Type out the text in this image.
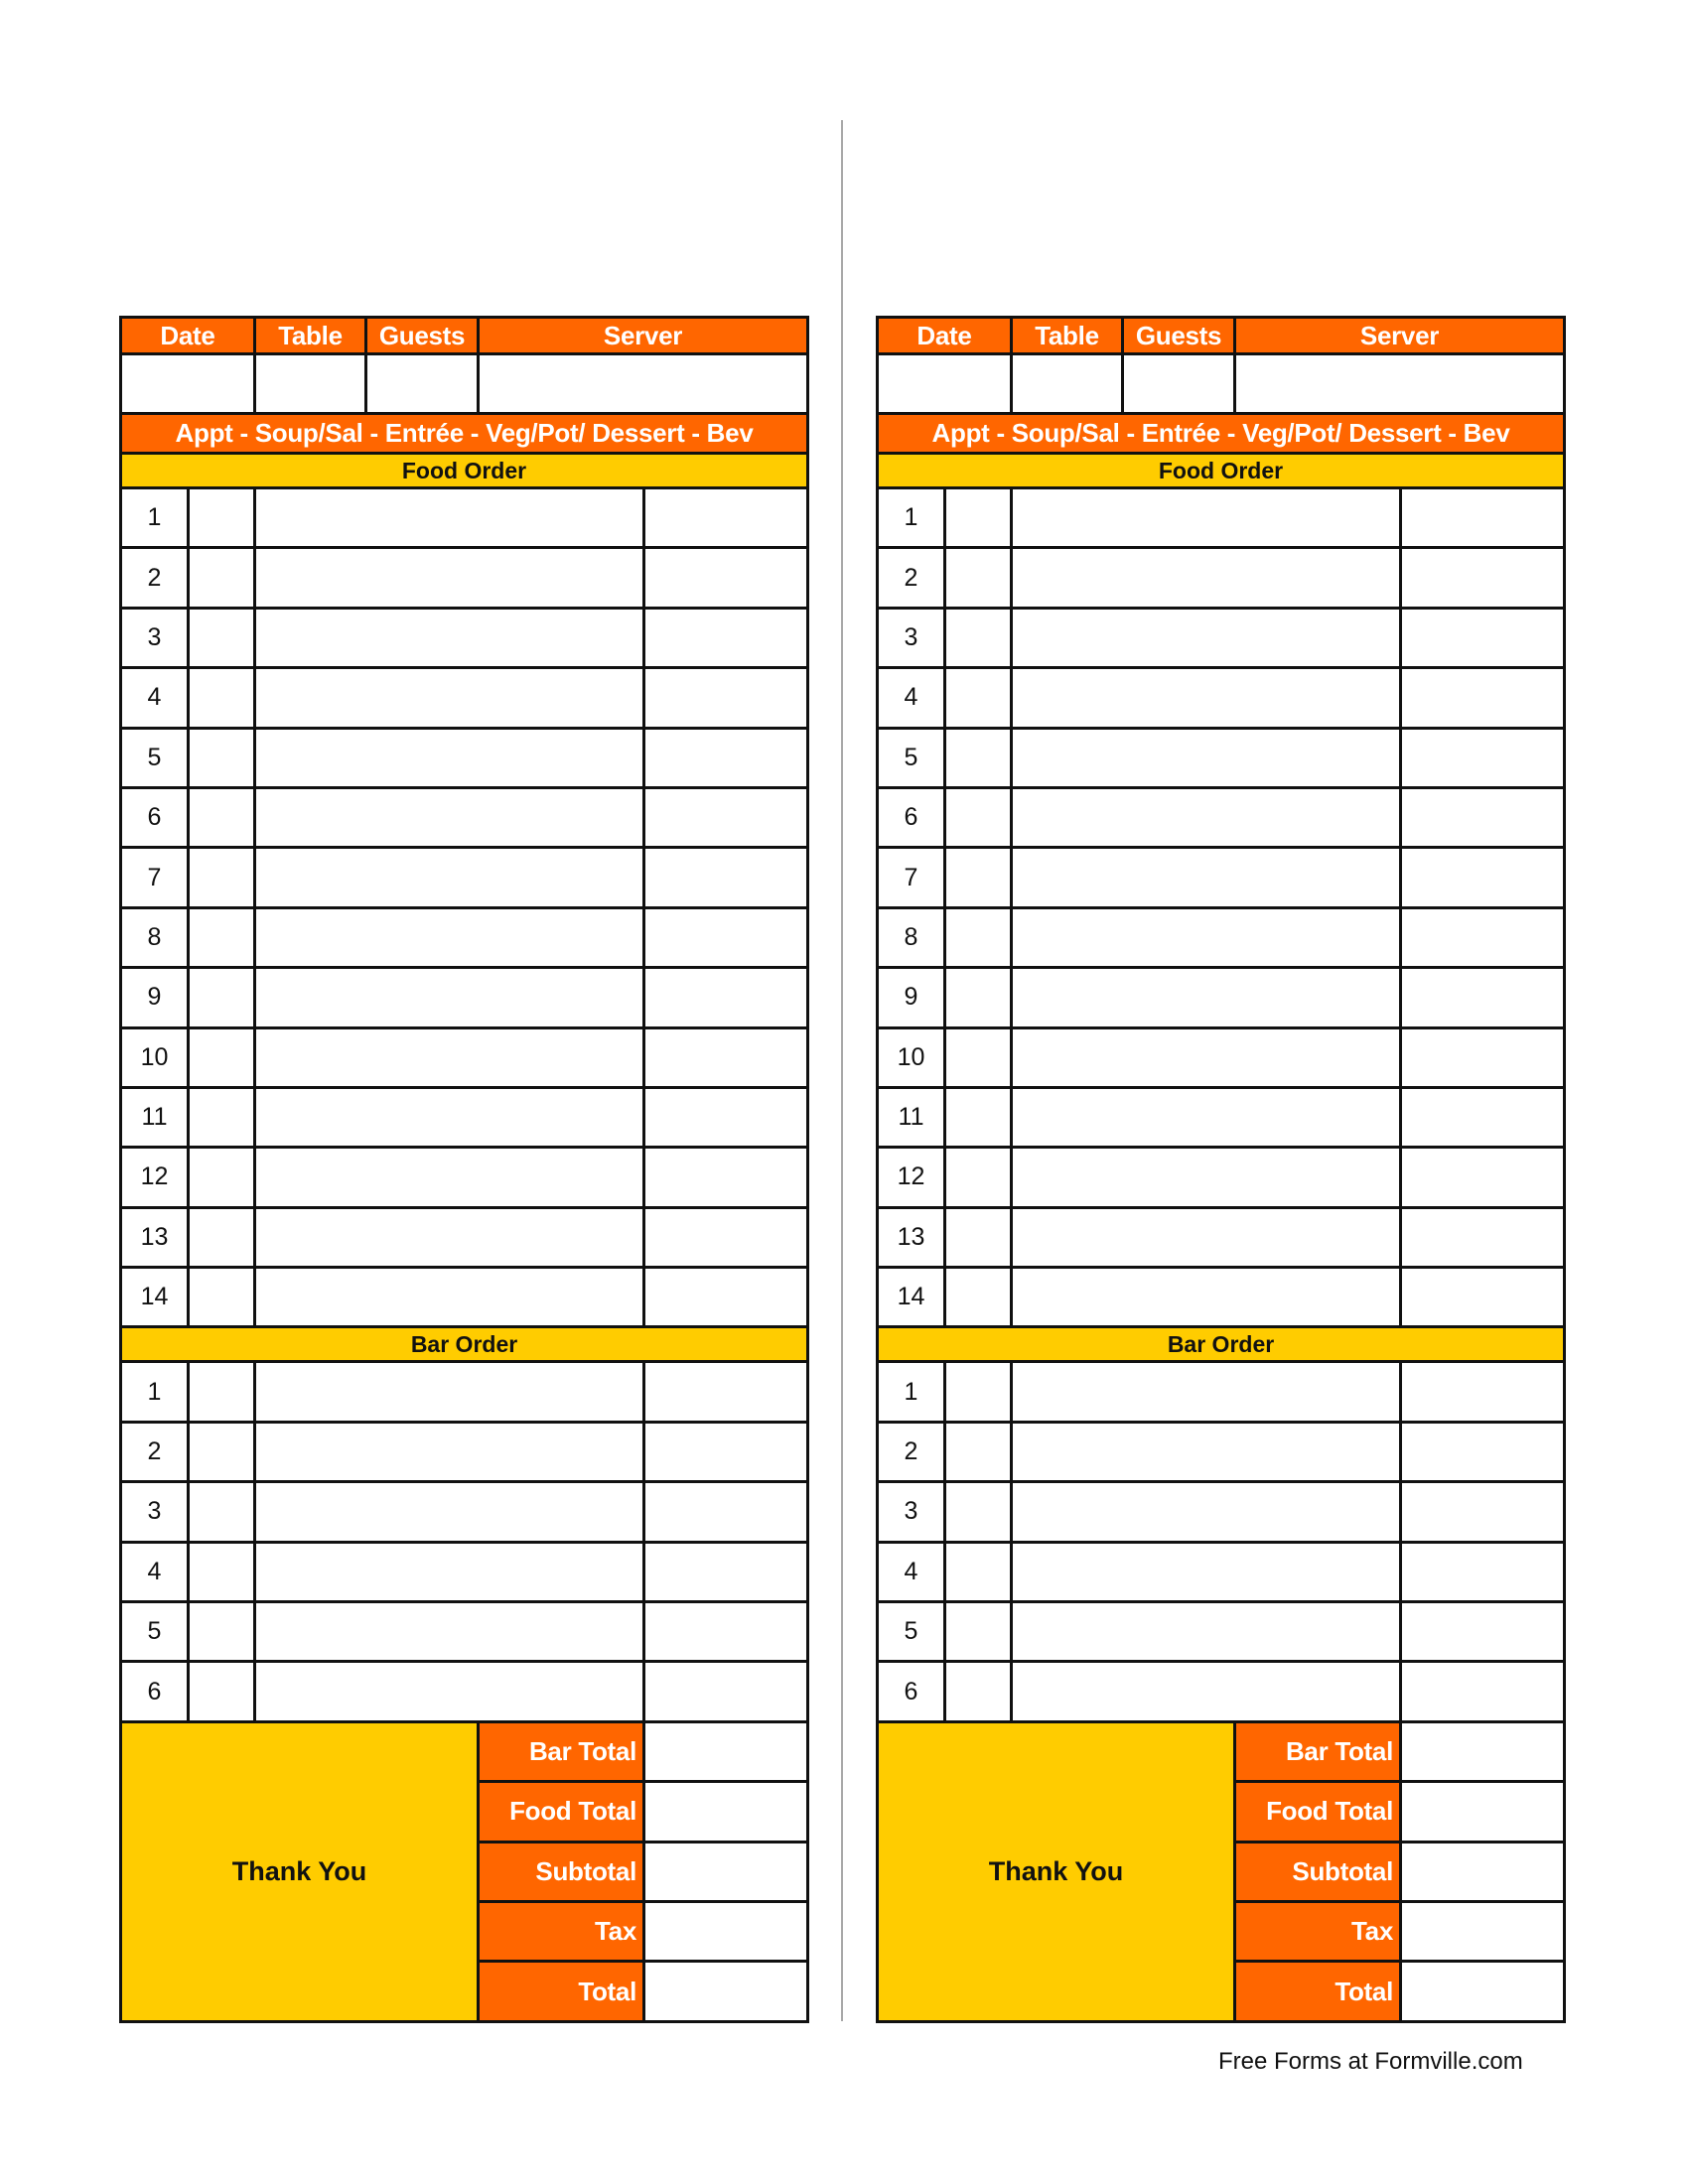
Date	Table	Guests	Server
Appt - Soup/Sal - Entrée - Veg/Pot/ Dessert - Bev
Food Order
1
2
3
4
5
6
7
8
9
10
11
12
13
14
Bar Order
1
2
3
4
5
6
Thank You
Bar Total
Food Total
Subtotal
Tax
Total
Date	Table	Guests	Server
Appt - Soup/Sal - Entrée - Veg/Pot/ Dessert - Bev
Food Order
1
2
3
4
5
6
7
8
9
10
11
12
13
14
Bar Order
1
2
3
4
5
6
Thank You
Bar Total
Food Total
Subtotal
Tax
Total
Free Forms at Formville.com
